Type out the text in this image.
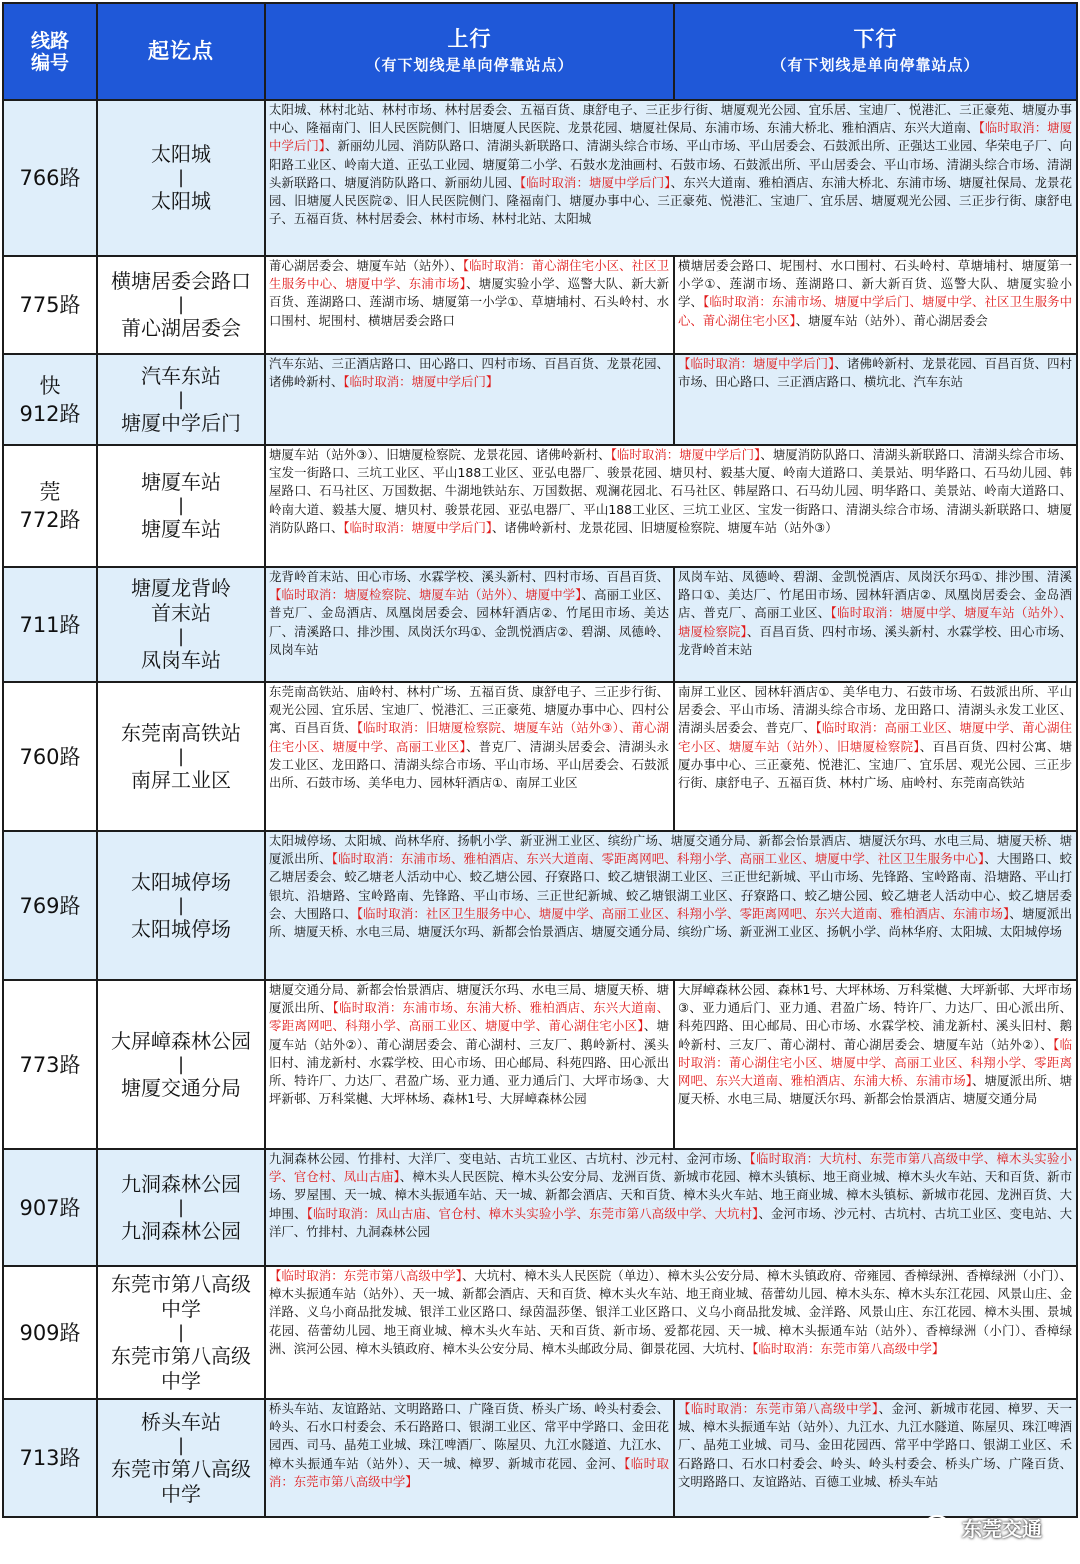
线路
编号	起讫点	上行
（有下划线是单向停靠站点）
下行
（有下划线是单向停靠站点）
766路
太阳城
|
太阳城
太阳城、林村北站、林村市场、林村居委会、五福百货、康舒电子、三正步行街、塘厦观光公园、宜乐居、宝迪厂、悦港汇、三正豪苑、塘厦办事中心、隆福南门、旧人民医院侧门、旧塘厦人民医院、龙景花园、塘厦社保局、东浦市场、东浦大桥北、雅柏酒店、东兴大道南、【临时取消：塘厦中学后门】、新丽幼儿园、消防队路口、清湖头新联路口、清湖头综合市场、平山市场、平山居委会、石鼓派出所、正强达工业园、华荣电子厂、向阳路工业区、岭南大道、正弘工业园、塘厦第二小学、石鼓水龙油画村、石鼓市场、石鼓派出所、平山居委会、平山市场、清湖头综合市场、清湖头新联路口、塘厦消防队路口、新丽幼儿园、【临时取消：塘厦中学后门】、东兴大道南、雅柏酒店、东浦大桥北、东浦市场、塘厦社保局、龙景花园、旧塘厦人民医院②、旧人民医院侧门、隆福南门、塘厦办事中心、三正豪苑、悦港汇、宝迪厂、宜乐居、塘厦观光公园、三正步行街、康舒电子、五福百货、林村居委会、林村市场、林村北站、太阳城
775路
横塘居委会路口
|
莆心湖居委会
莆心湖居委会、塘厦车站（站外）、【临时取消：莆心湖住宅小区、社区卫生服务中心、塘厦中学、东浦市场】、塘厦实验小学、巡警大队、新大新百货、莲湖路口、莲湖市场、塘厦第一小学①、草塘埔村、石头岭村、水口围村、坭围村、横塘居委会路口
横塘居委会路口、坭围村、水口围村、石头岭村、草塘埔村、塘厦第一小学①、莲湖市场、莲湖路口、新大新百货、巡警大队、塘厦实验小学、【临时取消：东浦市场、塘厦中学后门、塘厦中学、社区卫生服务中心、莆心湖住宅小区】、塘厦车站（站外）、莆心湖居委会
快
912路
汽车东站
|
塘厦中学后门
汽车东站、三正酒店路口、田心路口、四村市场、百昌百货、龙景花园、诸佛岭新村、【临时取消：塘厦中学后门】
【临时取消：塘厦中学后门】、诸佛岭新村、龙景花园、百昌百货、四村市场、田心路口、三正酒店路口、横坑北、汽车东站
莞
772路
塘厦车站
|
塘厦车站
塘厦车站（站外③）、旧塘厦检察院、龙景花园、诸佛岭新村、【临时取消：塘厦中学后门】、塘厦消防队路口、清湖头新联路口、清湖头综合市场、宝发一街路口、三坑工业区、平山188工业区、亚弘电器厂、骏景花园、塘贝村、毅基大厦、岭南大道路口、美景站、明华路口、石马幼儿园、韩屋路口、石马社区、万国数据、牛湖地铁站东、万国数据、观澜花园北、石马社区、韩屋路口、石马幼儿园、明华路口、美景站、岭南大道路口、岭南大道、毅基大厦、塘贝村、骏景花园、亚弘电器厂、平山188工业区、三坑工业区、宝发一街路口、清湖头综合市场、清湖头新联路口、塘厦消防队路口、【临时取消：塘厦中学后门】、诸佛岭新村、龙景花园、旧塘厦检察院、塘厦车站（站外③）
711路
塘厦龙背岭
首末站
|
凤岗车站
龙背岭首末站、田心市场、水霖学校、溪头新村、四村市场、百昌百货、【临时取消：塘厦检察院、塘厦车站（站外）、塘厦中学】、高丽工业区、普克厂、金岛酒店、凤凰岗居委会、园林轩酒店②、竹尾田市场、美达厂、清溪路口、排沙围、凤岗沃尔玛①、金凯悦酒店②、碧湖、凤德岭、凤岗车站
凤岗车站、凤德岭、碧湖、金凯悦酒店、凤岗沃尔玛①、排沙围、清溪路口①、美达厂、竹尾田市场、园林轩酒店②、凤凰岗居委会、金岛酒店、普克厂、高丽工业区、【临时取消：塘厦中学、塘厦车站（站外）、塘厦检察院】、百昌百货、四村市场、溪头新村、水霖学校、田心市场、龙背岭首末站
760路
东莞南高铁站
|
南屏工业区
东莞南高铁站、庙岭村、林村广场、五福百货、康舒电子、三正步行街、观光公园、宜乐居、宝迪厂、悦港汇、三正豪苑、塘厦办事中心、四村公寓、百昌百货、【临时取消：旧塘厦检察院、塘厦车站（站外③）、莆心湖住宅小区、塘厦中学、高丽工业区】、普克厂、清湖头居委会、清湖头永发工业区、龙田路口、清湖头综合市场、平山市场、平山居委会、石鼓派出所、石鼓市场、美华电力、园林轩酒店①、南屏工业区
南屏工业区、园林轩酒店①、美华电力、石鼓市场、石鼓派出所、平山居委会、平山市场、清湖头综合市场、龙田路口、清湖头永发工业区、清湖头居委会、普克厂、【临时取消：高丽工业区、塘厦中学、莆心湖住宅小区、塘厦车站（站外）、旧塘厦检察院】、百昌百货、四村公寓、塘厦办事中心、三正豪苑、悦港汇、宝迪厂、宜乐居、观光公园、三正步行街、康舒电子、五福百货、林村广场、庙岭村、东莞南高铁站
769路
太阳城停场
|
太阳城停场
太阳城停场、太阳城、尚林华府、扬帆小学、新亚洲工业区、缤纷广场、塘厦交通分局、新都会怡景酒店、塘厦沃尔玛、水电三局、塘厦天桥、塘厦派出所、【临时取消：东浦市场、雅柏酒店、东兴大道南、零距离网吧、科翔小学、高丽工业区、塘厦中学、社区卫生服务中心】、大围路口、蛟乙塘居委会、蛟乙塘老人活动中心、蛟乙塘公园、孖寮路口、蛟乙塘银湖工业区、三正世纪新城、平山市场、先锋路、宝岭路南、沿塘路、平山打银坑、沿塘路、宝岭路南、先锋路、平山市场、三正世纪新城、蛟乙塘银湖工业区、孖寮路口、蛟乙塘公园、蛟乙塘老人活动中心、蛟乙塘居委会、大围路口、【临时取消：社区卫生服务中心、塘厦中学、高丽工业区、科翔小学、零距离网吧、东兴大道南、雅柏酒店、东浦市场】、塘厦派出所、塘厦天桥、水电三局、塘厦沃尔玛、新都会怡景酒店、塘厦交通分局、缤纷广场、新亚洲工业区、扬帆小学、尚林华府、太阳城、太阳城停场
773路
大屏嶂森林公园
|
塘厦交通分局
塘厦交通分局、新都会怡景酒店、塘厦沃尔玛、水电三局、塘厦天桥、塘厦派出所、【临时取消：东浦市场、东浦大桥、雅柏酒店、东兴大道南、零距离网吧、科翔小学、高丽工业区、塘厦中学、莆心湖住宅小区】、塘厦车站（站外②）、莆心湖居委会、莆心湖村、三友厂、鹅岭新村、溪头旧村、浦龙新村、水霖学校、田心市场、田心邮局、科苑四路、田心派出所、特许厂、力达厂、君盈广场、亚力通、亚力通后门、大坪市场③、大坪新邨、万科棠樾、大坪林场、森林1号、大屏嶂森林公园
大屏嶂森林公园、森林1号、大坪林场、万科棠樾、大坪新邨、大坪市场③、亚力通后门、亚力通、君盈广场、特许厂、力达厂、田心派出所、科苑四路、田心邮局、田心市场、水霖学校、浦龙新村、溪头旧村、鹅岭新村、三友厂、莆心湖村、莆心湖居委会、塘厦车站（站外②）、【临时取消：莆心湖住宅小区、塘厦中学、高丽工业区、科翔小学、零距离网吧、东兴大道南、雅柏酒店、东浦大桥、东浦市场】、塘厦派出所、塘厦天桥、水电三局、塘厦沃尔玛、新都会怡景酒店、塘厦交通分局
907路
九洞森林公园
|
九洞森林公园
九洞森林公园、竹排村、大洋厂、变电站、古坑工业区、古坑村、沙元村、金河市场、【临时取消：大坑村、东莞市第八高级中学、樟木头实验小学、官仓村、凤山古庙】、樟木头人民医院、樟木头公安分局、龙洲百货、新城市花园、樟木头镇标、地王商业城、樟木头火车站、天和百货、新市场、罗屋围、天一城、樟木头振通车站、天一城、新都会酒店、天和百货、樟木头火车站、地王商业城、樟木头镇标、新城市花园、龙洲百货、大坤围、【临时取消：凤山古庙、官仓村、樟木头实验小学、东莞市第八高级中学、大坑村】、金河市场、沙元村、古坑村、古坑工业区、变电站、大洋厂、竹排村、九洞森林公园
909路
东莞市第八高级
中学
|
东莞市第八高级
中学
【临时取消：东莞市第八高级中学】、大坑村、樟木头人民医院（单边）、樟木头公安分局、樟木头镇政府、帝雍园、香樟绿洲、香樟绿洲（小门）、樟木头振通车站（站外）、天一城、新都会酒店、天和百货、樟木头火车站、地王商业城、蓓蕾幼儿园、樟木头东、樟木头东江花园、风景山庄、金洋路、义乌小商品批发城、银洋工业区路口、绿茵温莎堡、银洋工业区路口、义乌小商品批发城、金洋路、风景山庄、东江花园、樟木头围、景城花园、蓓蕾幼儿园、地王商业城、樟木头火车站、天和百货、新市场、爱都花园、天一城、樟木头振通车站（站外）、香樟绿洲（小门）、香樟绿洲、滨河公园、樟木头镇政府、樟木头公安分局、樟木头邮政分局、御景花园、大坑村、【临时取消：东莞市第八高级中学】
713路
桥头车站
|
东莞市第八高级
中学
桥头车站、友谊路站、文明路路口、广隆百货、桥头广场、岭头村委会、岭头、石水口村委会、禾石路路口、银湖工业区、常平中学路口、金田花园西、司马、晶苑工业城、珠江啤酒厂、陈屋贝、九江水隧道、九江水、樟木头振通车站（站外）、天一城、樟罗、新城市花园、金河、【临时取消：东莞市第八高级中学】
【临时取消：东莞市第八高级中学】、金河、新城市花园、樟罗、天一城、樟木头振通车站（站外）、九江水、九江水隧道、陈屋贝、珠江啤酒厂、晶苑工业城、司马、金田花园西、常平中学路口、银湖工业区、禾石路路口、石水口村委会、岭头、岭头村委会、桥头广场、广隆百货、文明路路口、友谊路站、百德工业城、桥头车站
东莞交通
